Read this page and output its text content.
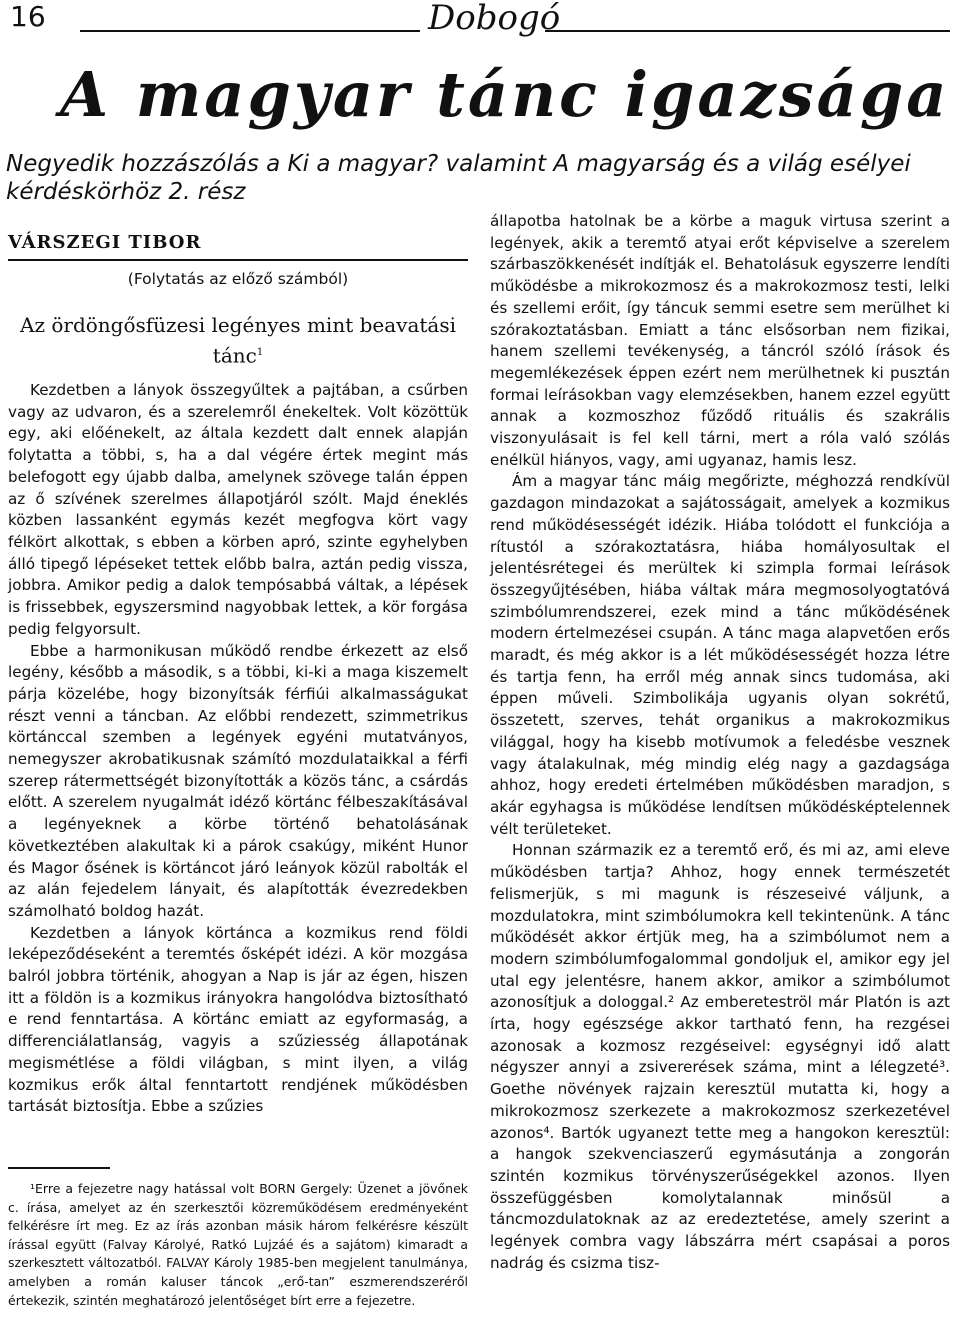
16	Dobogó
A magyar tánc igazsága
Negyedik hozzászólás a Ki a magyar? valamint A magyarság és a világ esélyei kérdéskörhöz 2. rész
VÁRSZEGI TIBOR
(Folytatás az előző számból)
Az ördöngősfüzesi legényes mint beavatási tánc$^1$

Kezdetben a lányok összegyűltek a pajtában, a csűrben vagy az udvaron, és a szerelemről énekeltek. Volt közöttük egy, aki előénekelt, az általa kezdett dalt ennek alapján folytatta a többi, s, ha a dal végére értek megint más belefogott egy újabb dalba, amelynek szövege talán éppen az ő szívének szerelmes állapotjáról szólt. Majd éneklés közben lassanként egymás kezét megfogva kört vagy félkört alkottak, s ebben a körben apró, szinte egyhelyben álló tipegő lépéseket tettek előbb balra, aztán pedig vissza, jobbra. Amikor pedig a dalok tempósabbá váltak, a lépések is frissebbek, egyszersmind nagyobbak lettek, a kör forgása pedig felgyorsult.

Ebbe a harmonikusan működő rendbe érkezett az első legény, később a második, s a többi, ki-ki a maga kiszemelt párja közelébe, hogy bizonyítsák férfiúi alkalmasságukat részt venni a táncban. Az előbbi rendezett, szimmetrikus körtánccal szemben a legények egyéni mutatványos, nemegyszer akrobatikusnak számító mozdulataikkal a férfi szerep rátermettségét bizonyították a közös tánc, a csárdás előtt. A szerelem nyugalmát idéző körtánc félbeszakításával a legényeknek a körbe történő behatolásának következtében alakultak ki a párok csakúgy, miként Hunor és Magor ősének is körtáncot járó leányok közül rabolták el az alán fejedelem lányait, és alapították évezredekben számolható boldog hazát.

Kezdetben a lányok körtánca a kozmikus rend földi leképeződéseként a teremtés ősképét idézi. A kör mozgása balról jobbra történik, ahogyan a Nap is jár az égen, hiszen itt a földön is a kozmikus irányokra hangolódva biztosítható e rend fenntartása. A körtánc emiatt az egyformaság, a differenciálatlanság, vagyis a szűziesség állapotának megismétlése a földi világban, s mint ilyen, a világ kozmikus erők által fenntartott rendjének működésben tartását biztosítja. Ebbe a szűzies

állapotba hatolnak be a körbe a maguk virtusa szerint a legények, akik a teremtő atyai erőt képviselve a szerelem szárbaszökkenését indítják el. Behatolásuk egyszerre lendíti működésbe a mikrokozmosz és a makrokozmosz testi, lelki és szellemi erőit, így táncuk semmi esetre sem merülhet ki szórakoztatásban. Emiatt a tánc elsősorban nem fizikai, hanem szellemi tevékenység, a táncról szóló írások és megemlékezések éppen ezért nem merülhetnek ki pusztán formai leírásokban vagy elemzésekben, hanem ezzel együtt annak a kozmoszhoz fűződő rituális és szakrális viszonyulásait is fel kell tárni, mert a róla való szólás enélkül hiányos, vagy, ami ugyanaz, hamis lesz.

Ám a magyar tánc máig megőrizte, méghozzá rendkívül gazdagon mindazokat a sajátosságait, amelyek a kozmikus rend működésességét idézik. Hiába tolódott el funkciója a rítustól a szórakoztatásra, hiába homályosultak el jelentésrétegei és merültek ki szimpla formai leírások összegyűjtésében, hiába váltak mára megmosolyogtatóvá szimbólumrendszerei, ezek mind a tánc működésének modern értelmezései csupán. A tánc maga alapvetően erős maradt, és még akkor is a lét működésességét hozza létre és tartja fenn, ha erről még annak sincs tudomása, aki éppen műveli. Szimbolikája ugyanis olyan sokrétű, összetett, szerves, tehát organikus a makrokozmikus világgal, hogy ha kisebb motívumok a feledésbe vesznek vagy átalakulnak, még mindig elég nagy a gazdagsága ahhoz, hogy eredeti értelmében működésben maradjon, s akár egyhagsa is működése lendítsen működésképtelennek vélt területeket.

Honnan származik ez a teremtő erő, és mi az, ami eleve működésben tartja? Ahhoz, hogy ennek természetét felismerjük, s mi magunk is részeseivé váljunk, a mozdulatokra, mint szimbólumokra kell tekintenünk. A tánc működését akkor értjük meg, ha a szimbólumot nem a modern szimbólumfogalommal gondoljuk el, amikor egy jel utal egy jelentésre, hanem akkor, amikor a szimbólumot azonosítjuk a dologgal.² Az embereteströl már Platón is azt írta, hogy egészsége akkor tartható fenn, ha rezgései azonosak a kozmosz rezgéseivel: egységnyi idő alatt négyszer annyi a zsivererések száma, mint a lélegzeté³. Goethe növények rajzain keresztül mutatta ki, hogy a mikrokozmosz szerkezete a makrokozmosz szerkezetével azonos⁴. Bartók ugyanezt tette meg a hangokon keresztül: a hangok szekvenciaszerű egymásutánja a zongorán szintén kozmikus törvényszerűségekkel azonos. Ilyen összefüggésben komolytalannak minősül a táncmozdulatoknak az az eredeztetése, amely szerint a legények combra vagy lábszárra mért csapásai a poros nadrág és csizma tisz-

¹Erre a fejezetre nagy hatással volt BORN Gergely: Üzenet a jövőnek c. írása, amelyet az én szerkesztői közreműködésem eredményeként felkérésre írt meg. Ez az írás azonban másik három felkérésre készült írással együtt (Falvay Károlyé, Ratkó Lujzáé és a sajátom) kimaradt a szerkesztett változatból. FALVAY Károly 1985-ben megjelent tanulmánya, amelyben a román kaluser táncok „erő-tan” eszmerendszeréről értekezik, szintén meghatározó jelentőséget bírt erre a fejezetre.
